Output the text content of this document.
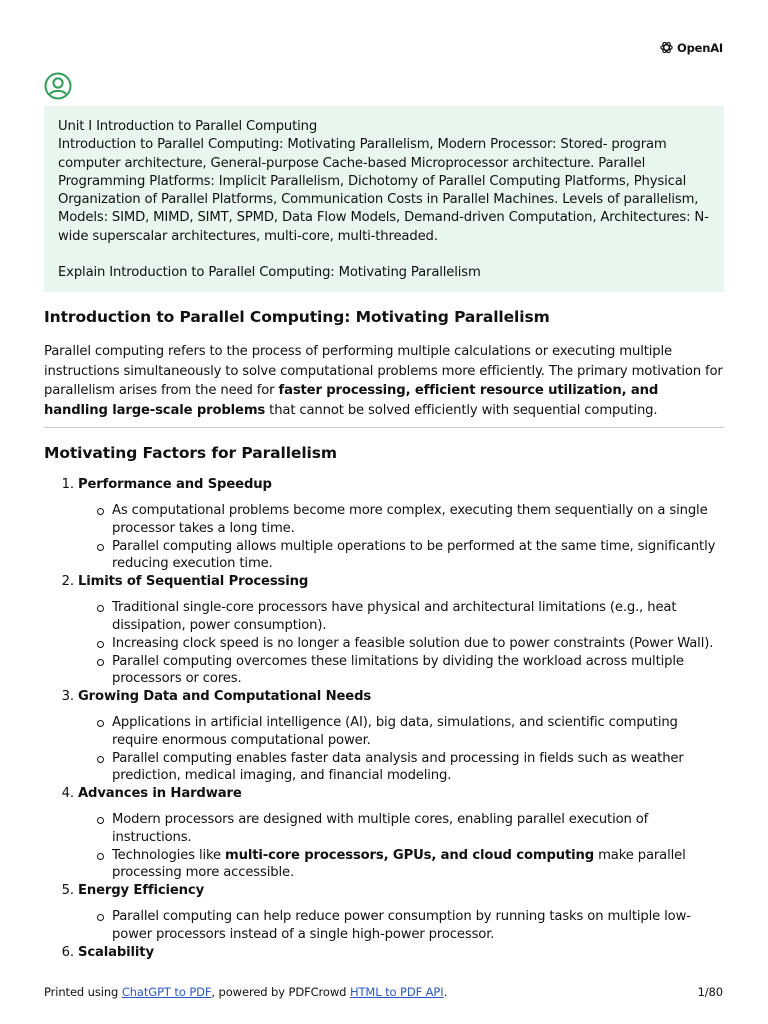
OpenAI

Unit I Introduction to Parallel Computing

Introduction to Parallel Computing: Motivating Parallelism, Modern Processor: Stored- program computer architecture, General-purpose Cache-based Microprocessor architecture. Parallel Programming Platforms: Implicit Parallelism, Dichotomy of Parallel Computing Platforms, Physical Organization of Parallel Platforms, Communication Costs in Parallel Machines. Levels of parallelism, Models: SIMD, MIMD, SIMT, SPMD, Data Flow Models, Demand-driven Computation, Architectures: N-wide superscalar architectures, multi-core, multi-threaded.

Explain Introduction to Parallel Computing: Motivating Parallelism

Introduction to Parallel Computing: Motivating Parallelism

Parallel computing refers to the process of performing multiple calculations or executing multiple instructions simultaneously to solve computational problems more efficiently. The primary motivation for parallelism arises from the need for faster processing, efficient resource utilization, and handling large-scale problems that cannot be solved efficiently with sequential computing.

Motivating Factors for Parallelism
1. Performance and Speedup
As computational problems become more complex, executing them sequentially on a single processor takes a long time.
Parallel computing allows multiple operations to be performed at the same time, significantly reducing execution time.
2. Limits of Sequential Processing
Traditional single-core processors have physical and architectural limitations (e.g., heat dissipation, power consumption).
Increasing clock speed is no longer a feasible solution due to power constraints (Power Wall).
Parallel computing overcomes these limitations by dividing the workload across multiple processors or cores.
3. Growing Data and Computational Needs
Applications in artificial intelligence (AI), big data, simulations, and scientific computing require enormous computational power.
Parallel computing enables faster data analysis and processing in fields such as weather prediction, medical imaging, and financial modeling.
4. Advances in Hardware
Modern processors are designed with multiple cores, enabling parallel execution of instructions.
Technologies like multi-core processors, GPUs, and cloud computing make parallel processing more accessible.
5. Energy Efficiency
Parallel computing can help reduce power consumption by running tasks on multiple low-power processors instead of a single high-power processor.
6. Scalability
Printed using ChatGPT to PDF, powered by PDFCrowd HTML to PDF API.	1/80
